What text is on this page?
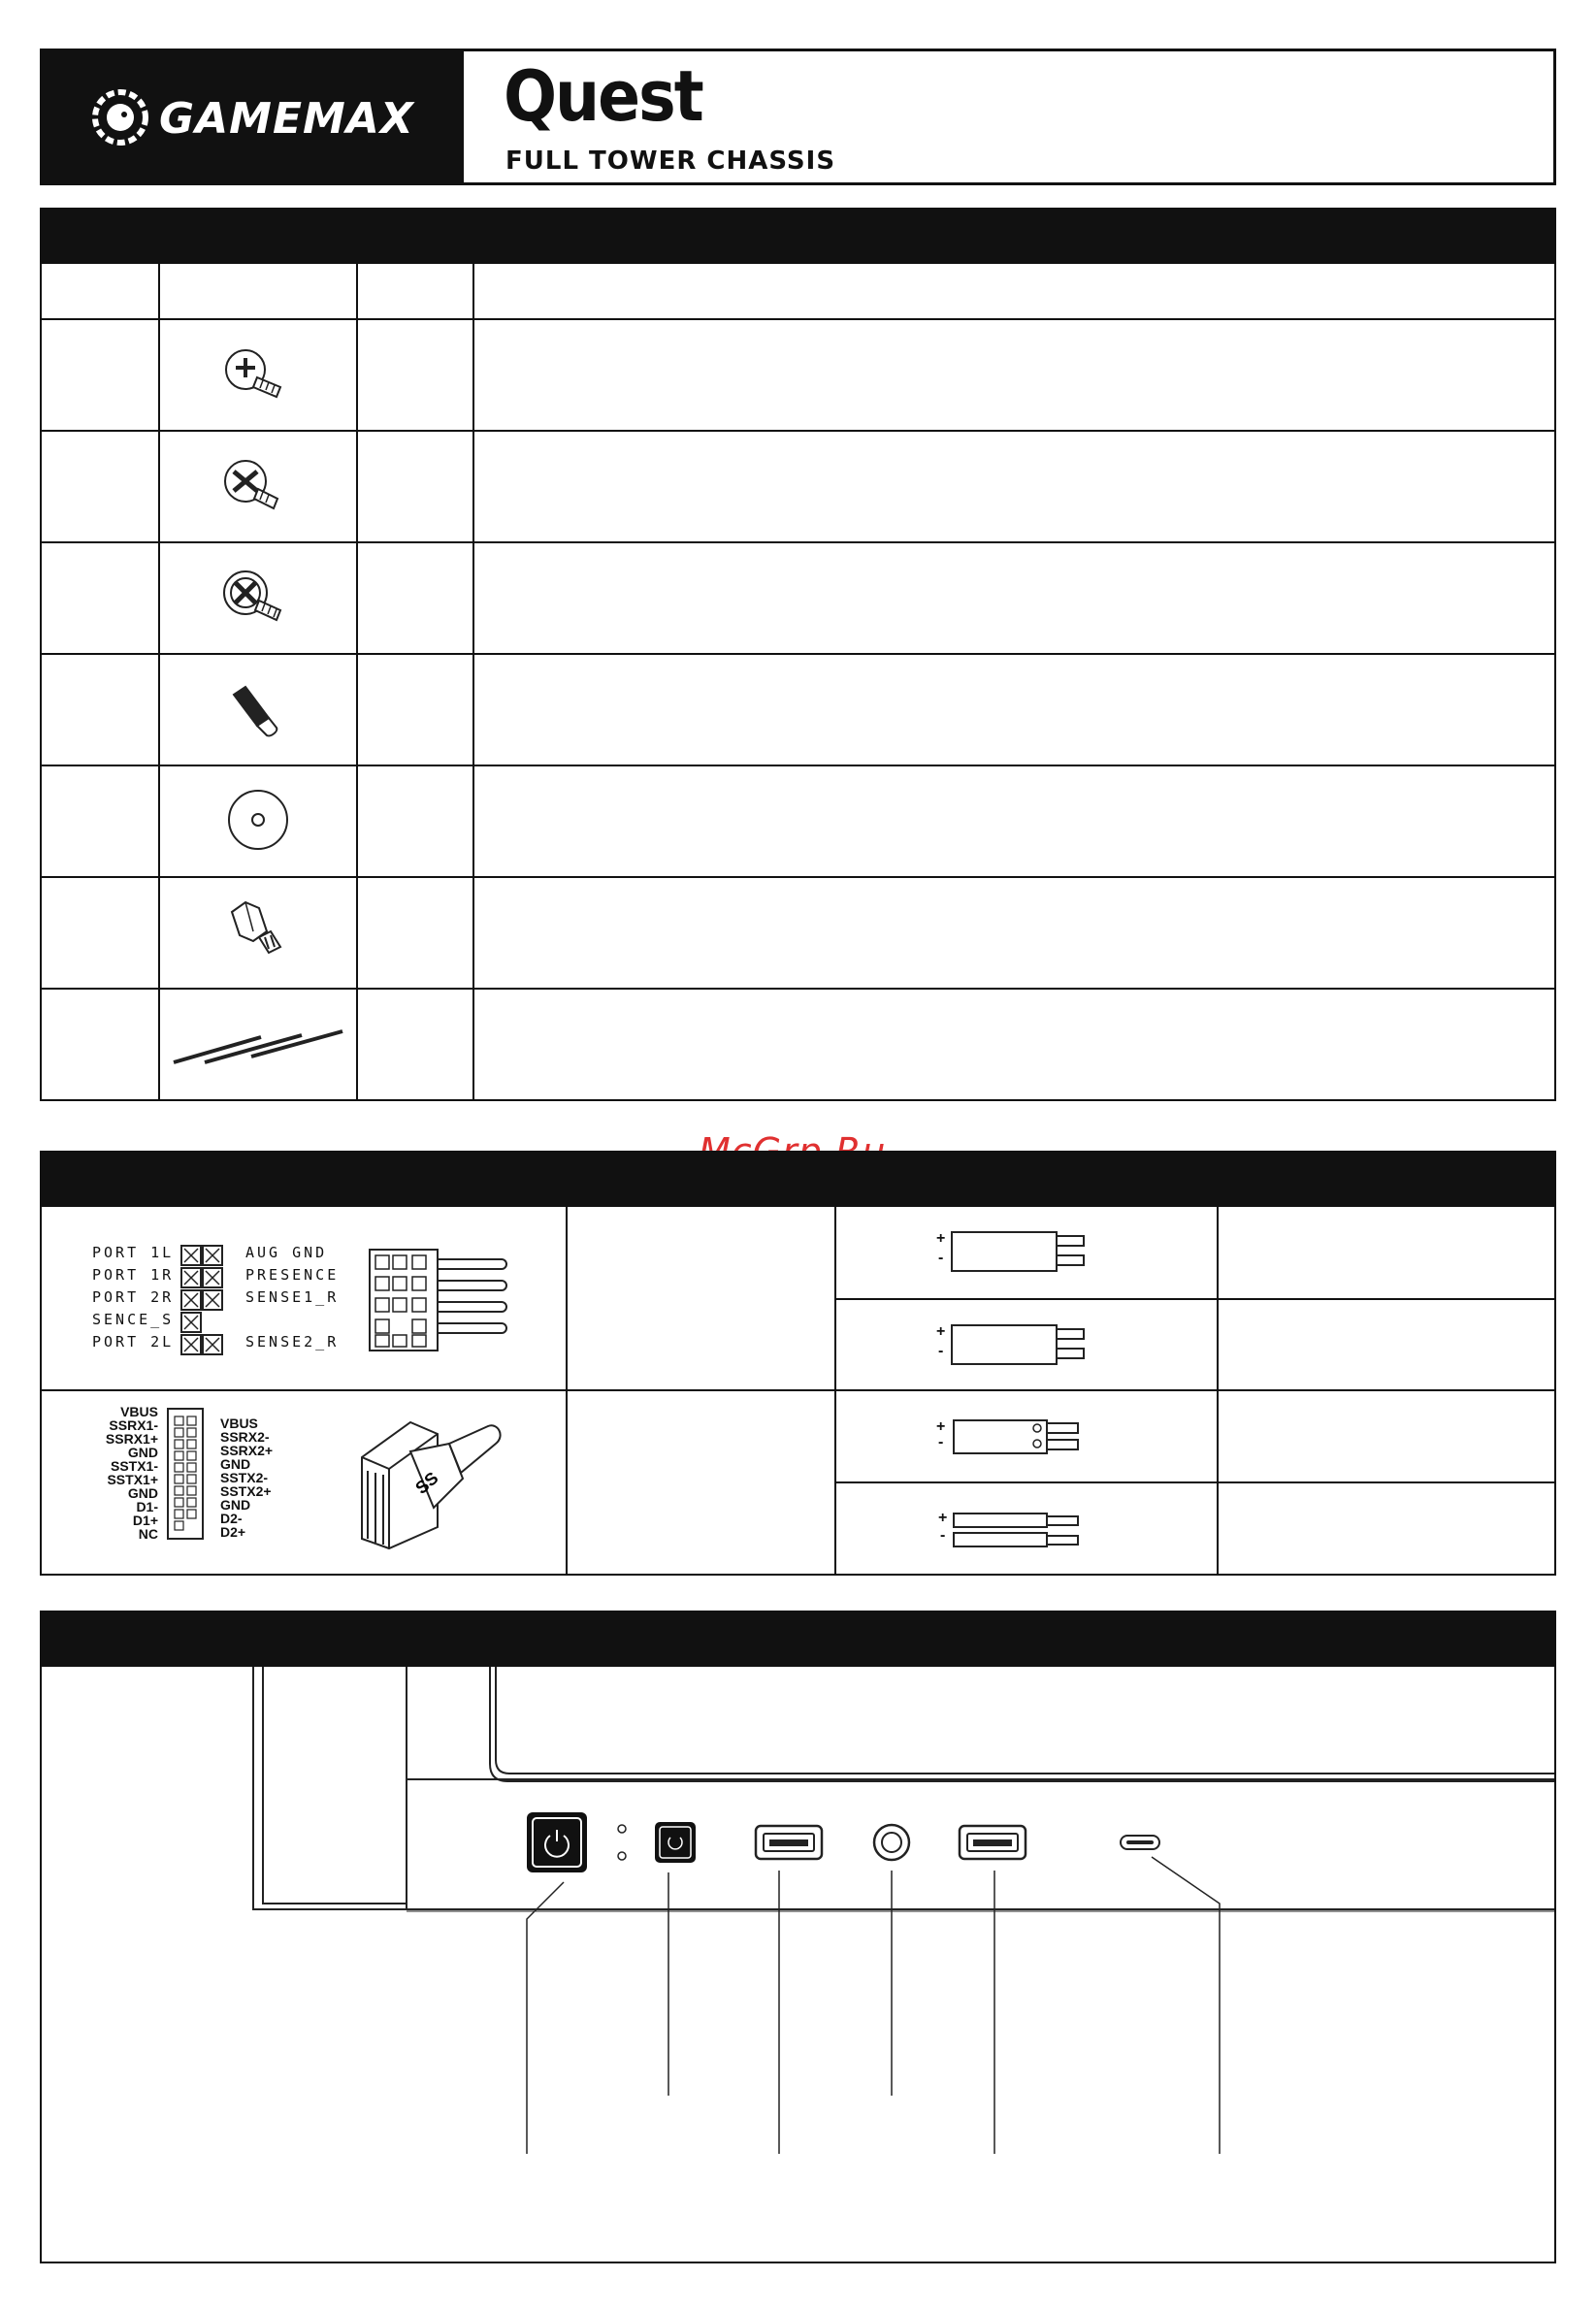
GAMEMAX Quest
FULL TOWER CHASSIS

PORT 1L
PORT 1R
PORT 2R
SENCE_S
PORT 2L
AUG GND
PRESENCE
SENSE1_R
SENSE2_R
VBUS
SSRX1-
SSRX1+
GND
SSTX1-
SSTX1+
GND
D1-
D1+
NC
VBUS
SSRX2-
SSRX2+
GND
SSTX2-
SSTX2+
GND
D2-
D2+
SS
+
-
+
-
+
-
+
-
